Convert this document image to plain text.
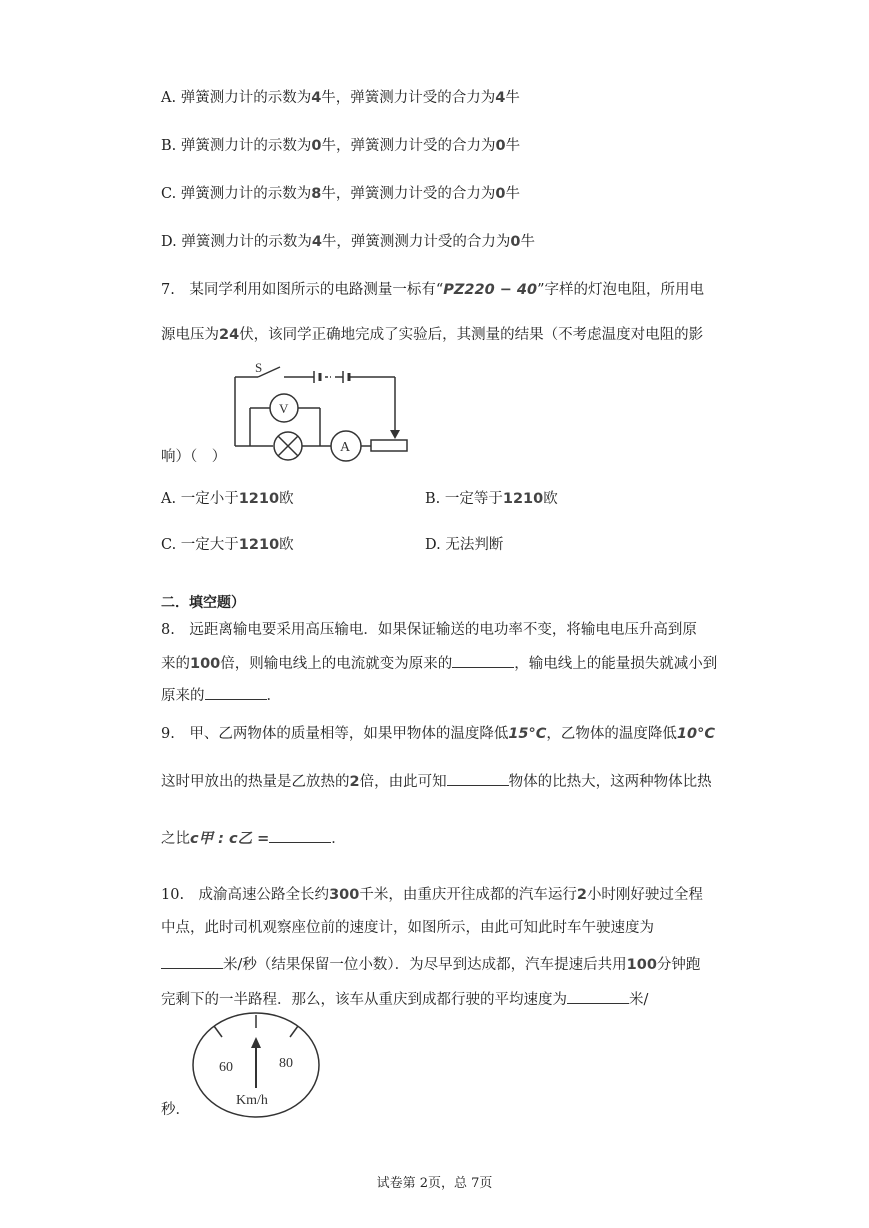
A. 弹簧测力计的示数为4牛，弹簧测力计受的合力为4牛
B. 弹簧测力计的示数为0牛，弹簧测力计受的合力为0牛
C. 弹簧测力计的示数为8牛，弹簧测力计受的合力为0牛
D. 弹簧测力计的示数为4牛，弹簧测测力计受的合力为0牛
7.　某同学利用如图所示的电路测量一标有“PZ220 − 40”字样的灯泡电阻，所用电
源电压为24伏，该同学正确地完成了实验后，其测量的结果（不考虑温度对电阻的影
S
V
A
响）（　）
A. 一定小于1210欧	B. 一定等于1210欧
C. 一定大于1210欧	D. 无法判断
二．填空题）
8.　远距离输电要采用高压输电．如果保证输送的电功率不变，将输电电压升高到原
来的100倍，则输电线上的电流就变为原来的	，输电线上的能量损失就减小到
原来的	．
9.　甲、乙两物体的质量相等，如果甲物体的温度降低15°C，乙物体的温度降低10°C
这时甲放出的热量是乙放热的2倍，由此可知	物体的比热大，这两种物体比热
之比c甲 : c乙 =	．
10.　成渝高速公路全长约300千米，由重庆开往成都的汽车运行2小时刚好驶过全程
中点，此时司机观察座位前的速度计，如图所示，由此可知此时车午驶速度为
米/秒（结果保留一位小数）．为尽早到达成都，汽车提速后共用100分钟跑
完剩下的一半路程．那么，该车从重庆到成都行驶的平均速度为	米/
60	80
Km/h
秒．
试卷第 2页，总 7页
